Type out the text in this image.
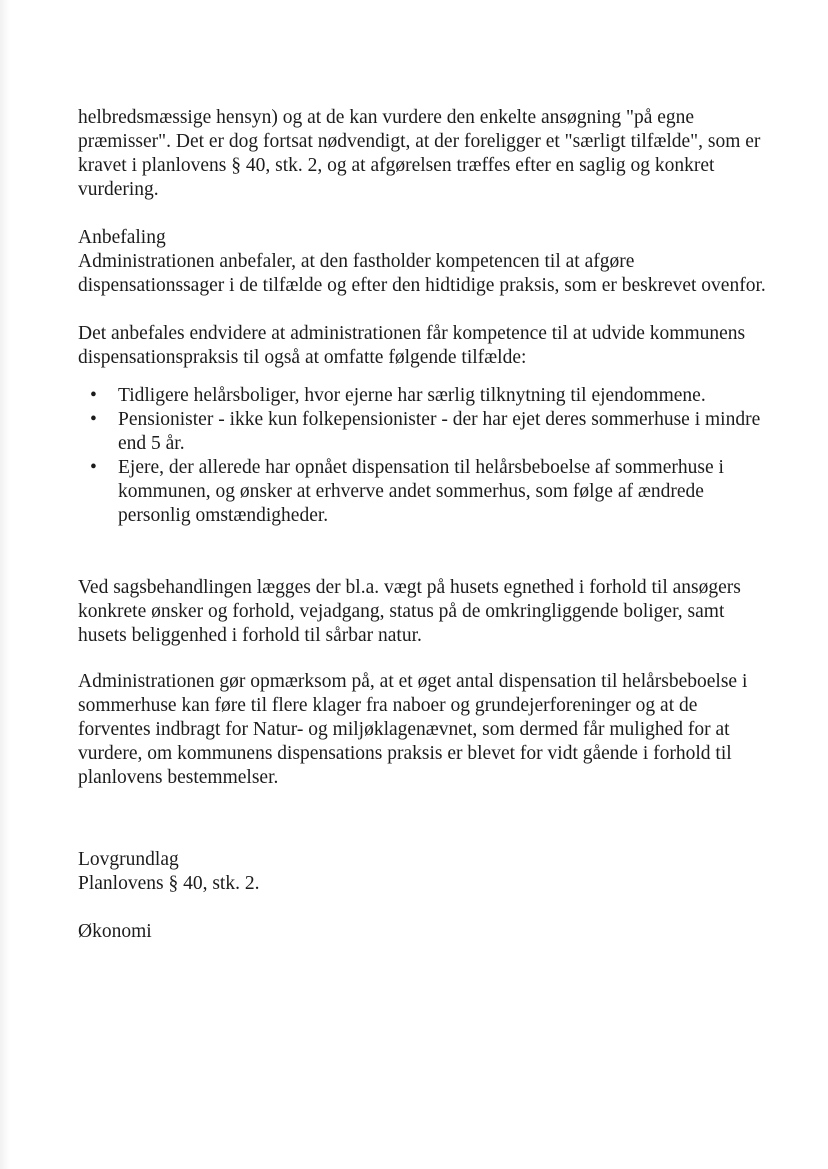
helbredsmæssige hensyn) og at de kan vurdere den enkelte ansøgning "på egne præmisser". Det er dog fortsat nødvendigt, at der foreligger et "særligt tilfælde", som er kravet i planlovens § 40, stk. 2, og at afgørelsen træffes efter en saglig og konkret vurdering.

Anbefaling

Administrationen anbefaler, at den fastholder kompetencen til at afgøre dispensationssager i de tilfælde og efter den hidtidige praksis, som er beskrevet ovenfor.

Det anbefales endvidere at administrationen får kompetence til at udvide kommunens dispensationspraksis til også at omfatte følgende tilfælde:

• Tidligere helårsboliger, hvor ejerne har særlig tilknytning til ejendommene.
• Pensionister - ikke kun folkepensionister - der har ejet deres sommerhuse i mindre end 5 år.
• Ejere, der allerede har opnået dispensation til helårsbeboelse af sommerhuse i kommunen, og ønsker at erhverve andet sommerhus, som følge af ændrede personlig omstændigheder.

Ved sagsbehandlingen lægges der bl.a. vægt på husets egnethed i forhold til ansøgers konkrete ønsker og forhold, vejadgang, status på de omkringliggende boliger, samt husets beliggenhed i forhold til sårbar natur.

Administrationen gør opmærksom på, at et øget antal dispensation til helårsbeboelse i sommerhuse kan føre til flere klager fra naboer og grundejerforeninger og at de forventes indbragt for Natur- og miljøklagenævnet, som dermed får mulighed for at vurdere, om kommunens dispensations praksis er blevet for vidt gående i forhold til planlovens bestemmelser.

Lovgrundlag

Planlovens § 40, stk. 2.

Økonomi
